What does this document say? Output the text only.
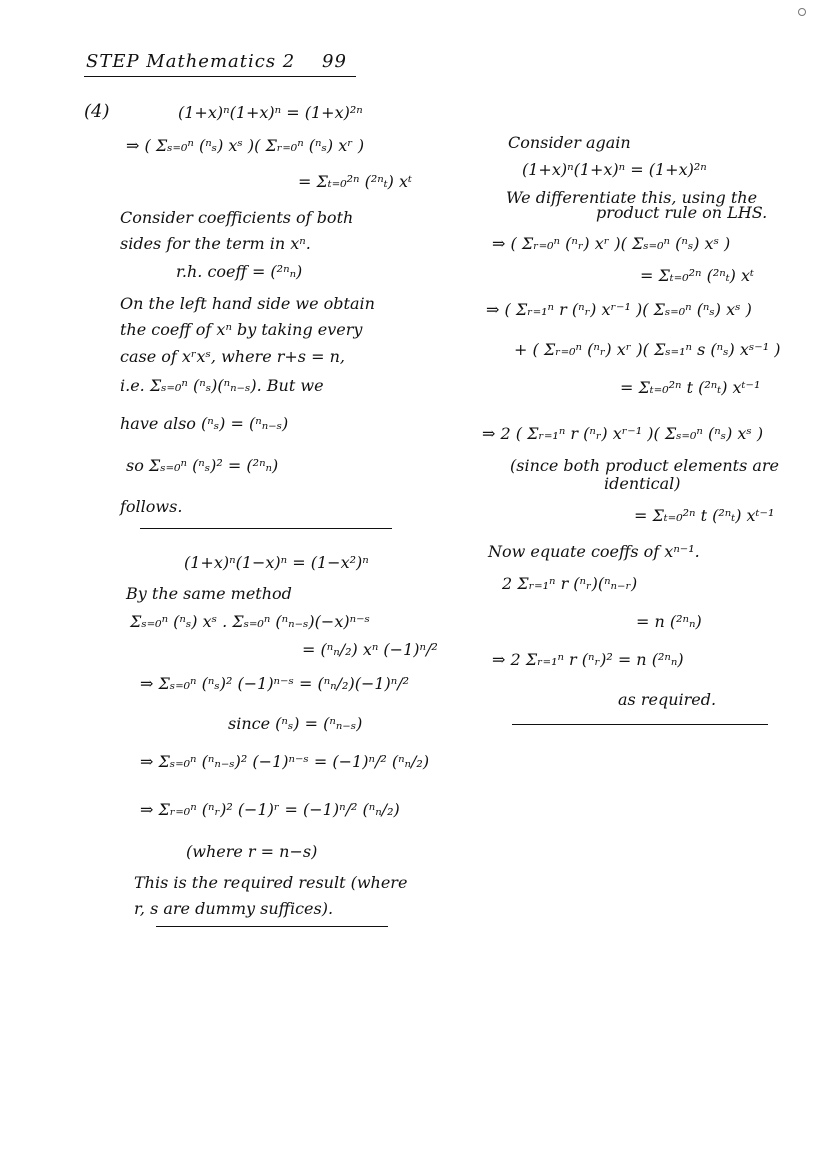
STEP Mathematics 2 99
(4)	(1+x)ⁿ(1+x)ⁿ = (1+x)²ⁿ
⇒ ( Σₛ₌₀ⁿ (ⁿₛ) xˢ )( Σᵣ₌₀ⁿ (ⁿₛ) xʳ )
= Σₜ₌₀²ⁿ (²ⁿₜ) xᵗ
Consider coefficients of both
sides for the term in xⁿ.
r.h. coeff = (²ⁿₙ)
On the left hand side we obtain
the coeff of xⁿ by taking every
case of xʳxˢ, where r+s = n,
i.e. Σₛ₌₀ⁿ (ⁿₛ)(ⁿₙ₋ₛ). But we
have also (ⁿₛ) = (ⁿₙ₋ₛ)
so Σₛ₌₀ⁿ (ⁿₛ)² = (²ⁿₙ)
follows.
(1+x)ⁿ(1−x)ⁿ = (1−x²)ⁿ
By the same method
Σₛ₌₀ⁿ (ⁿₛ) xˢ . Σₛ₌₀ⁿ (ⁿₙ₋ₛ)(−x)ⁿ⁻ˢ
= (ⁿₙ/₂) xⁿ (−1)ⁿ/²
⇒ Σₛ₌₀ⁿ (ⁿₛ)² (−1)ⁿ⁻ˢ = (ⁿₙ/₂)(−1)ⁿ/²
since (ⁿₛ) = (ⁿₙ₋ₛ)
⇒ Σₛ₌₀ⁿ (ⁿₙ₋ₛ)² (−1)ⁿ⁻ˢ = (−1)ⁿ/² (ⁿₙ/₂)
⇒ Σᵣ₌₀ⁿ (ⁿᵣ)² (−1)ʳ = (−1)ⁿ/² (ⁿₙ/₂)
(where r = n−s)
This is the required result (where
r, s are dummy suffices).
Consider again
(1+x)ⁿ(1+x)ⁿ = (1+x)²ⁿ
We differentiate this, using the
product rule on LHS.
⇒ ( Σᵣ₌₀ⁿ (ⁿᵣ) xʳ )( Σₛ₌₀ⁿ (ⁿₛ) xˢ )
= Σₜ₌₀²ⁿ (²ⁿₜ) xᵗ
⇒ ( Σᵣ₌₁ⁿ r (ⁿᵣ) xʳ⁻¹ )( Σₛ₌₀ⁿ (ⁿₛ) xˢ )
+ ( Σᵣ₌₀ⁿ (ⁿᵣ) xʳ )( Σₛ₌₁ⁿ s (ⁿₛ) xˢ⁻¹ )
= Σₜ₌₀²ⁿ t (²ⁿₜ) xᵗ⁻¹
⇒ 2 ( Σᵣ₌₁ⁿ r (ⁿᵣ) xʳ⁻¹ )( Σₛ₌₀ⁿ (ⁿₛ) xˢ )
(since both product elements are
identical)
= Σₜ₌₀²ⁿ t (²ⁿₜ) xᵗ⁻¹
Now equate coeffs of xⁿ⁻¹.
2 Σᵣ₌₁ⁿ r (ⁿᵣ)(ⁿₙ₋ᵣ)
= n (²ⁿₙ)
⇒ 2 Σᵣ₌₁ⁿ r (ⁿᵣ)² = n (²ⁿₙ)
as required.
